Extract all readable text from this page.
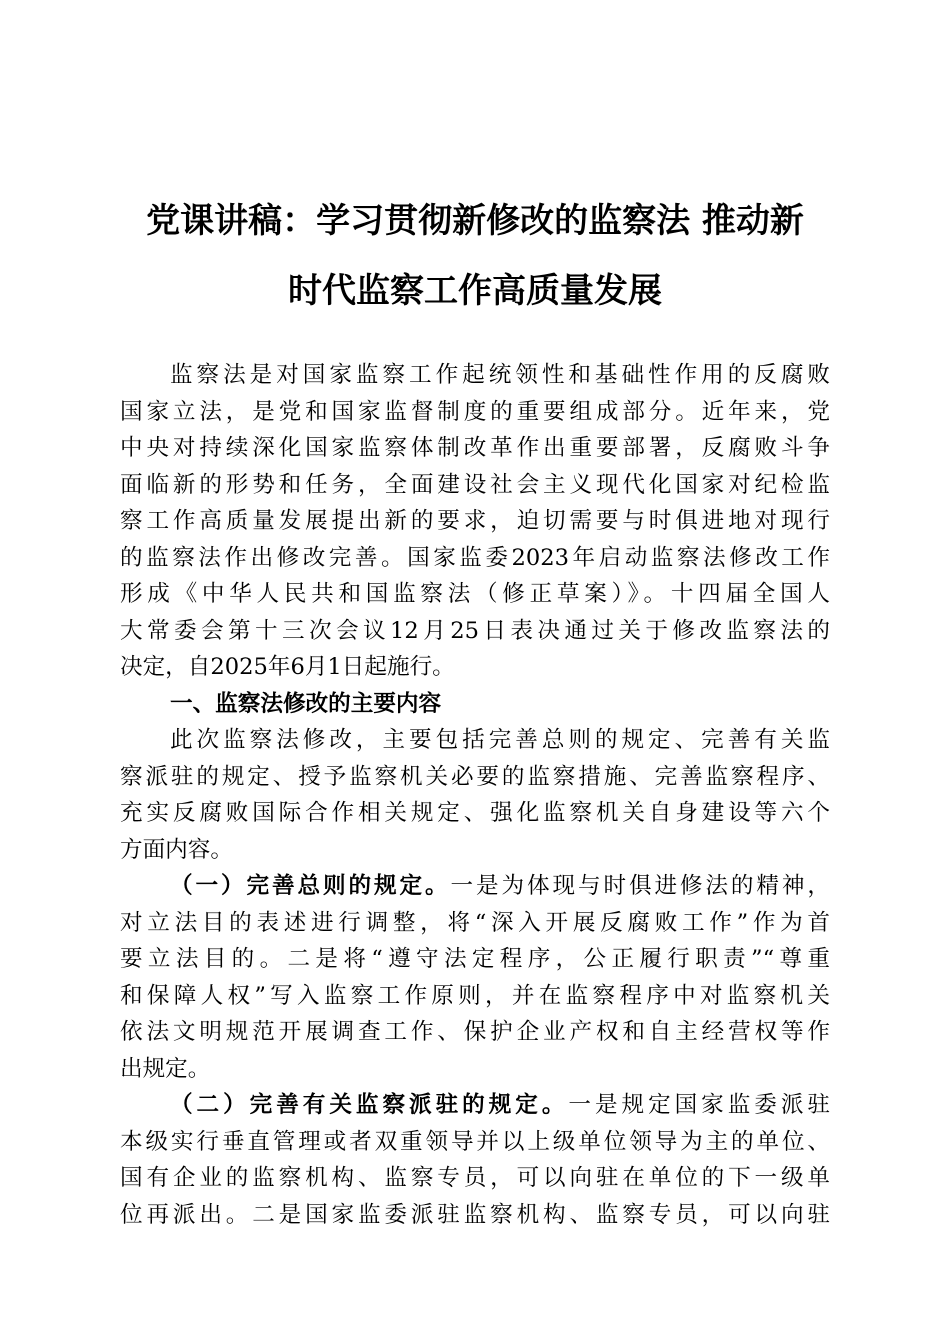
党课讲稿：学习贯彻新修改的监察法 推动新
时代监察工作高质量发展
监察法是对国家监察工作起统领性和基础性作用的反腐败
国家立法，是党和国家监督制度的重要组成部分。近年来，党
中央对持续深化国家监察体制改革作出重要部署，反腐败斗争
面临新的形势和任务，全面建设社会主义现代化国家对纪检监
察工作高质量发展提出新的要求，迫切需要与时俱进地对现行
的监察法作出修改完善。国家监委2023年启动监察法修改工作
形成《中华人民共和国监察法（修正草案）》。十四届全国人
大常委会第十三次会议12月25日表决通过关于修改监察法的
决定，自2025年6月1日起施行。
一、监察法修改的主要内容
此次监察法修改，主要包括完善总则的规定、完善有关监
察派驻的规定、授予监察机关必要的监察措施、完善监察程序、
充实反腐败国际合作相关规定、强化监察机关自身建设等六个
方面内容。
（一）完善总则的规定。一是为体现与时俱进修法的精神，
对立法目的表述进行调整，将“深入开展反腐败工作”作为首
要立法目的。二是将“遵守法定程序，公正履行职责”“尊重
和保障人权”写入监察工作原则，并在监察程序中对监察机关
依法文明规范开展调查工作、保护企业产权和自主经营权等作
出规定。
（二）完善有关监察派驻的规定。一是规定国家监委派驻
本级实行垂直管理或者双重领导并以上级单位领导为主的单位、
国有企业的监察机构、监察专员，可以向驻在单位的下一级单
位再派出。二是国家监委派驻监察机构、监察专员，可以向驻
